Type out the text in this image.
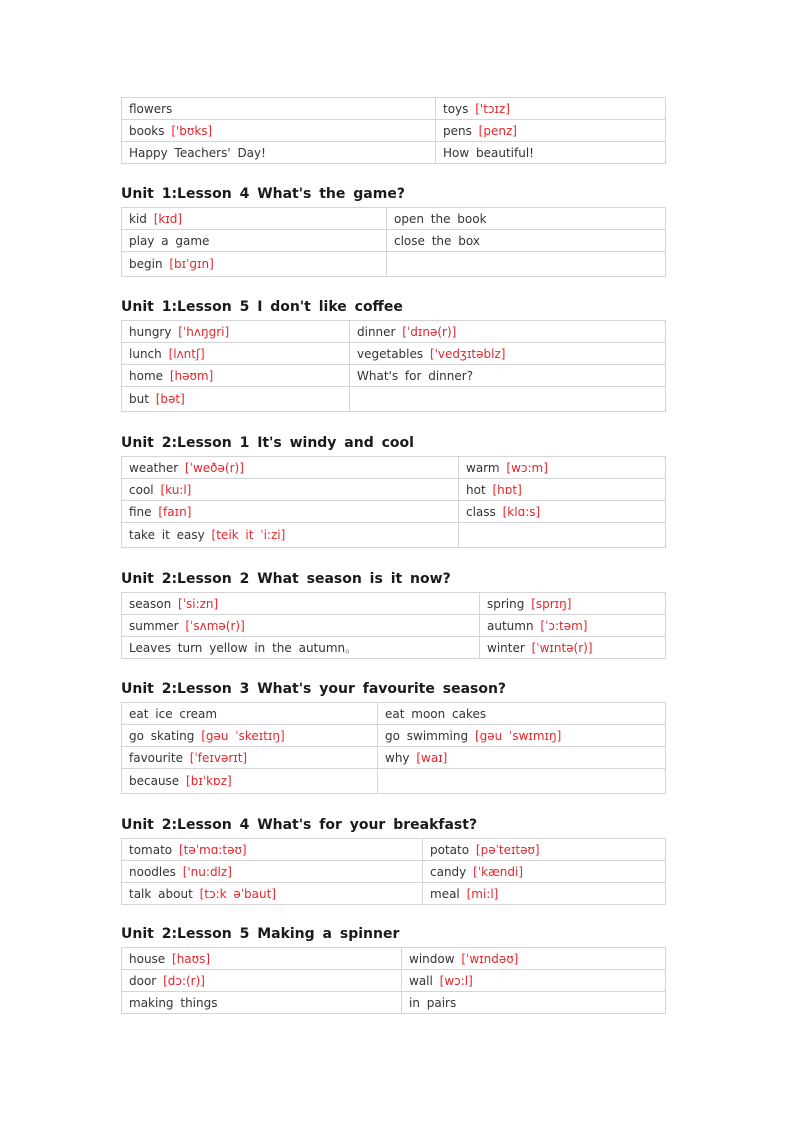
flowers	toys ['tɔɪz]
books ['bʊks]	pens [penz]
Happy Teachers' Day!	How beautiful!
Unit 1:Lesson 4 What's the game?
kid [kɪd]	open the book
play a game	close the box
begin [bɪˈɡɪn]	
Unit 1:Lesson 5 I don't like coffee
hungry [ˈhʌŋgri]	dinner [ˈdɪnə(r)]
lunch [lʌntʃ]	vegetables ['vedʒɪtəblz]
home [həʊm]	What's for dinner?
but [bət]	
Unit 2:Lesson 1 It's windy and cool
weather [ˈweðə(r)]	warm [wɔ:m]
cool [ku:l]	hot [hɒt]
fine [faɪn]	class [klɑ:s]
take it easy [teik it ˈi:zi]	
Unit 2:Lesson 2 What season is it now?
season [ˈsi:zn]	spring [sprɪŋ]
summer [ˈsʌmə(r)]	autumn [ˈɔ:təm]
Leaves turn yellow in the autumn。	winter [ˈwɪntə(r)]
Unit 2:Lesson 3 What's your favourite season?
eat ice cream	eat moon cakes
go skating [gəu ˈskeɪtɪŋ]	go swimming [gəu ˈswɪmɪŋ]
favourite [ˈfeɪvərɪt]	why [waɪ]
because [bɪˈkɒz]	
Unit 2:Lesson 4 What's for your breakfast?
tomato [təˈmɑ:təʊ]	potato [pəˈteɪtəʊ]
noodles ['nu:dlz]	candy [ˈkændi]
talk about [tɔ:k əˈbaut]	meal [mi:l]
Unit 2:Lesson 5 Making a spinner
house [haʊs]	window [ˈwɪndəʊ]
door [dɔ:(r)]	wall [wɔ:l]
making things	in pairs
